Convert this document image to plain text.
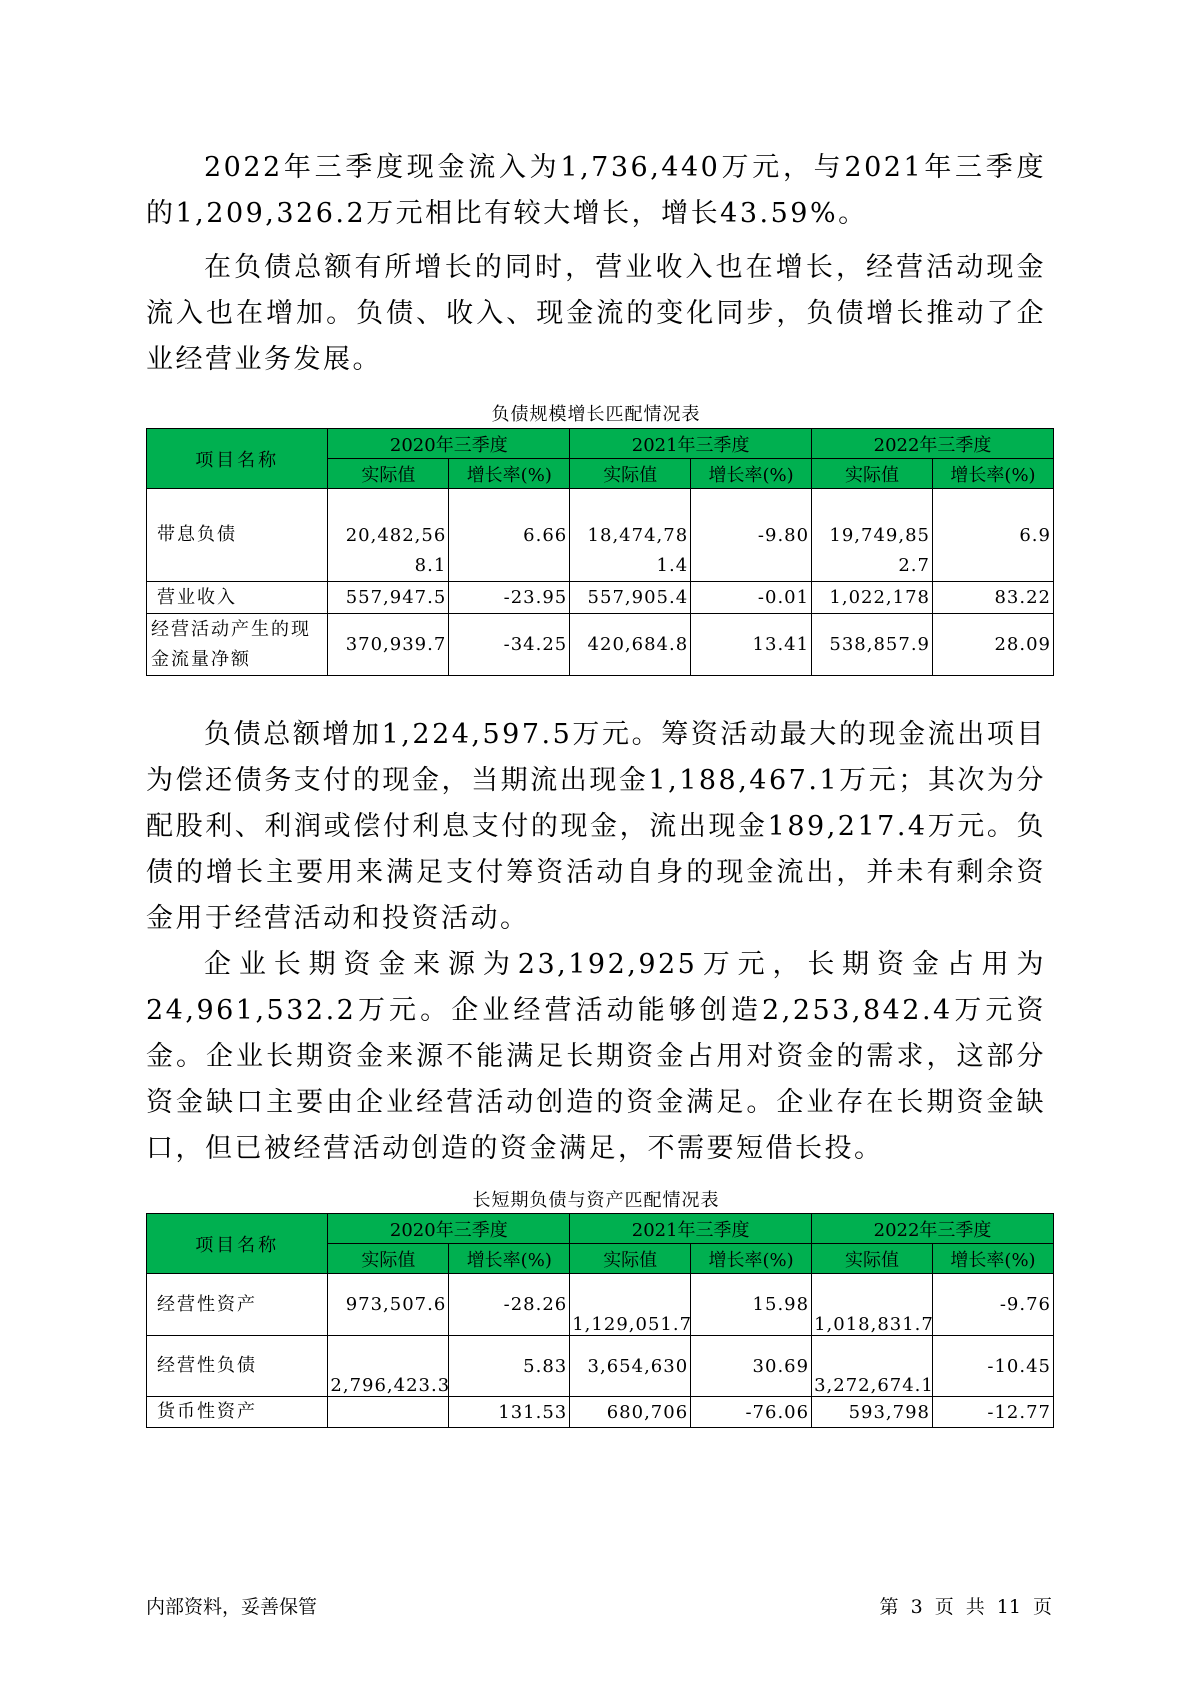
2022年三季度现金流入为1,736,440万元，与2021年三季度的1,209,326.2万元相比有较大增长，增长43.59%。

在负债总额有所增长的同时，营业收入也在增长，经营活动现金流入也在增加。负债、收入、现金流的变化同步，负债增长推动了企业经营业务发展。

负债规模增长匹配情况表
项目名称	2020年三季度		2021年三季度		2022年三季度	
	实际值	增长率(%)	实际值	增长率(%)	实际值	增长率(%)
带息负债	20,482,568.1	6.66	18,474,781.4	-9.80	19,749,852.7	6.9
营业收入	557,947.5	-23.95	557,905.4	-0.01	1,022,178	83.22
经营活动产生的现金流量净额	370,939.7	-34.25	420,684.8	13.41	538,857.9	28.09

负债总额增加1,224,597.5万元。筹资活动最大的现金流出项目为偿还债务支付的现金，当期流出现金1,188,467.1万元；其次为分配股利、利润或偿付利息支付的现金，流出现金189,217.4万元。负债的增长主要用来满足支付筹资活动自身的现金流出，并未有剩余资金用于经营活动和投资活动。

企业长期资金来源为23,192,925万元，长期资金占用为24,961,532.2万元。企业经营活动能够创造2,253,842.4万元资金。企业长期资金来源不能满足长期资金占用对资金的需求，这部分资金缺口主要由企业经营活动创造的资金满足。企业存在长期资金缺口，但已被经营活动创造的资金满足，不需要短借长投。

长短期负债与资产匹配情况表
项目名称	2020年三季度		2021年三季度		2022年三季度	
	实际值	增长率(%)	实际值	增长率(%)	实际值	增长率(%)
经营性资产	973,507.6	-28.26	1,129,051.7	15.98	1,018,831.7	-9.76
经营性负债	2,796,423.3	5.83	3,654,630	30.69	3,272,674.1	-10.45
货币性资产		131.53	680,706	-76.06	593,798	-12.77
内部资料，妥善保管	第 3 页 共 11 页
